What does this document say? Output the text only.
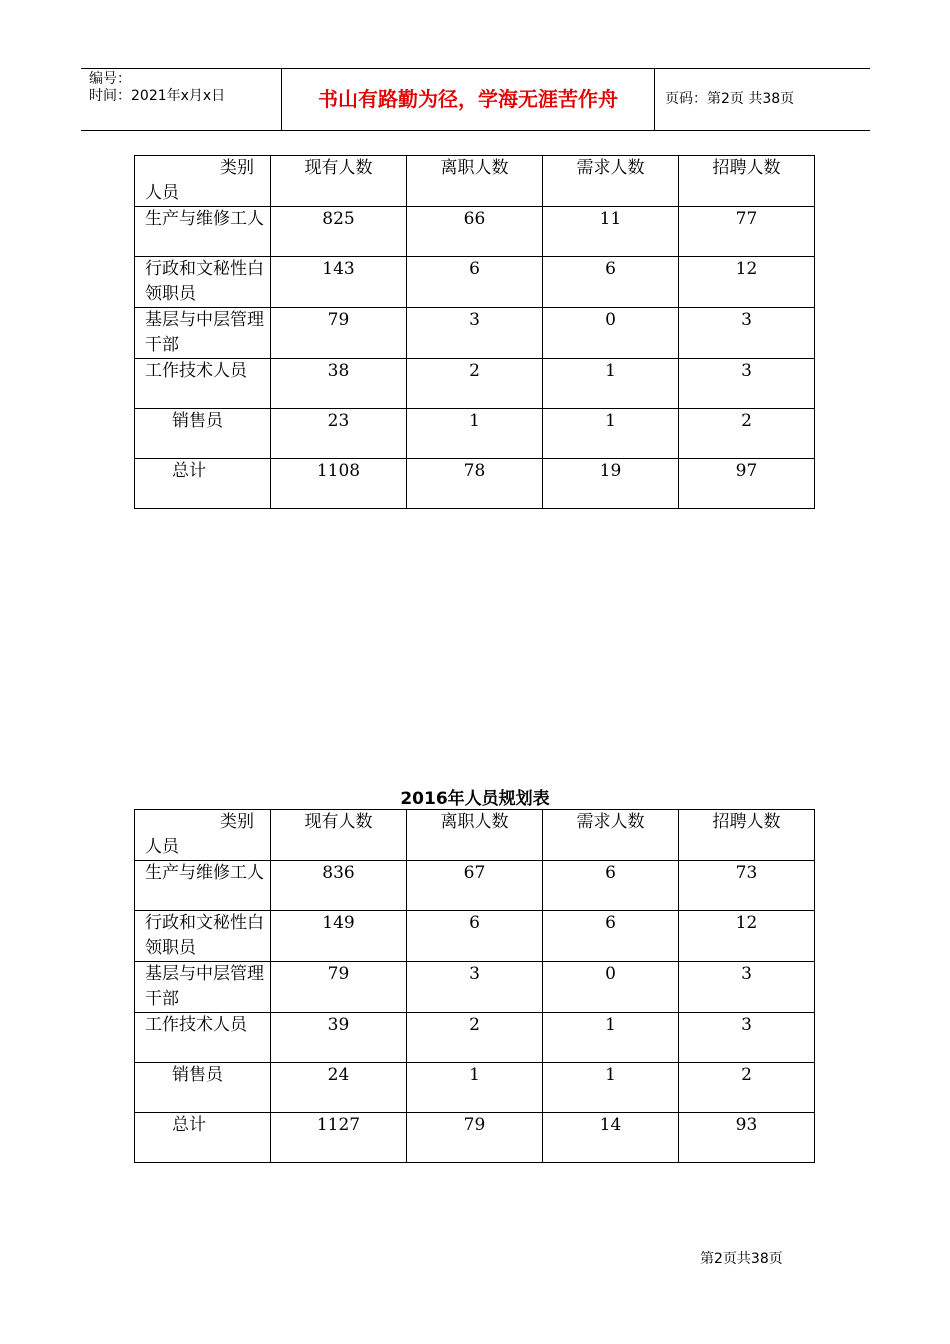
编号：
时间：2021年x月x日	书山有路勤为径，学海无涯苦作舟	页码：第2页 共38页
类别
人员	现有人数	离职人数	需求人数	招聘人数
生产与维修工人	825	66	11	77
行政和文秘性白领职员	143	6	6	12
基层与中层管理干部	79	3	0	3
工作技术人员	38	2	1	3
销售员	23	1	1	2
总计	1108	78	19	97
2016年人员规划表
类别
人员	现有人数	离职人数	需求人数	招聘人数
生产与维修工人	836	67	6	73
行政和文秘性白领职员	149	6	6	12
基层与中层管理干部	79	3	0	3
工作技术人员	39	2	1	3
销售员	24	1	1	2
总计	1127	79	14	93
第2页共38页
